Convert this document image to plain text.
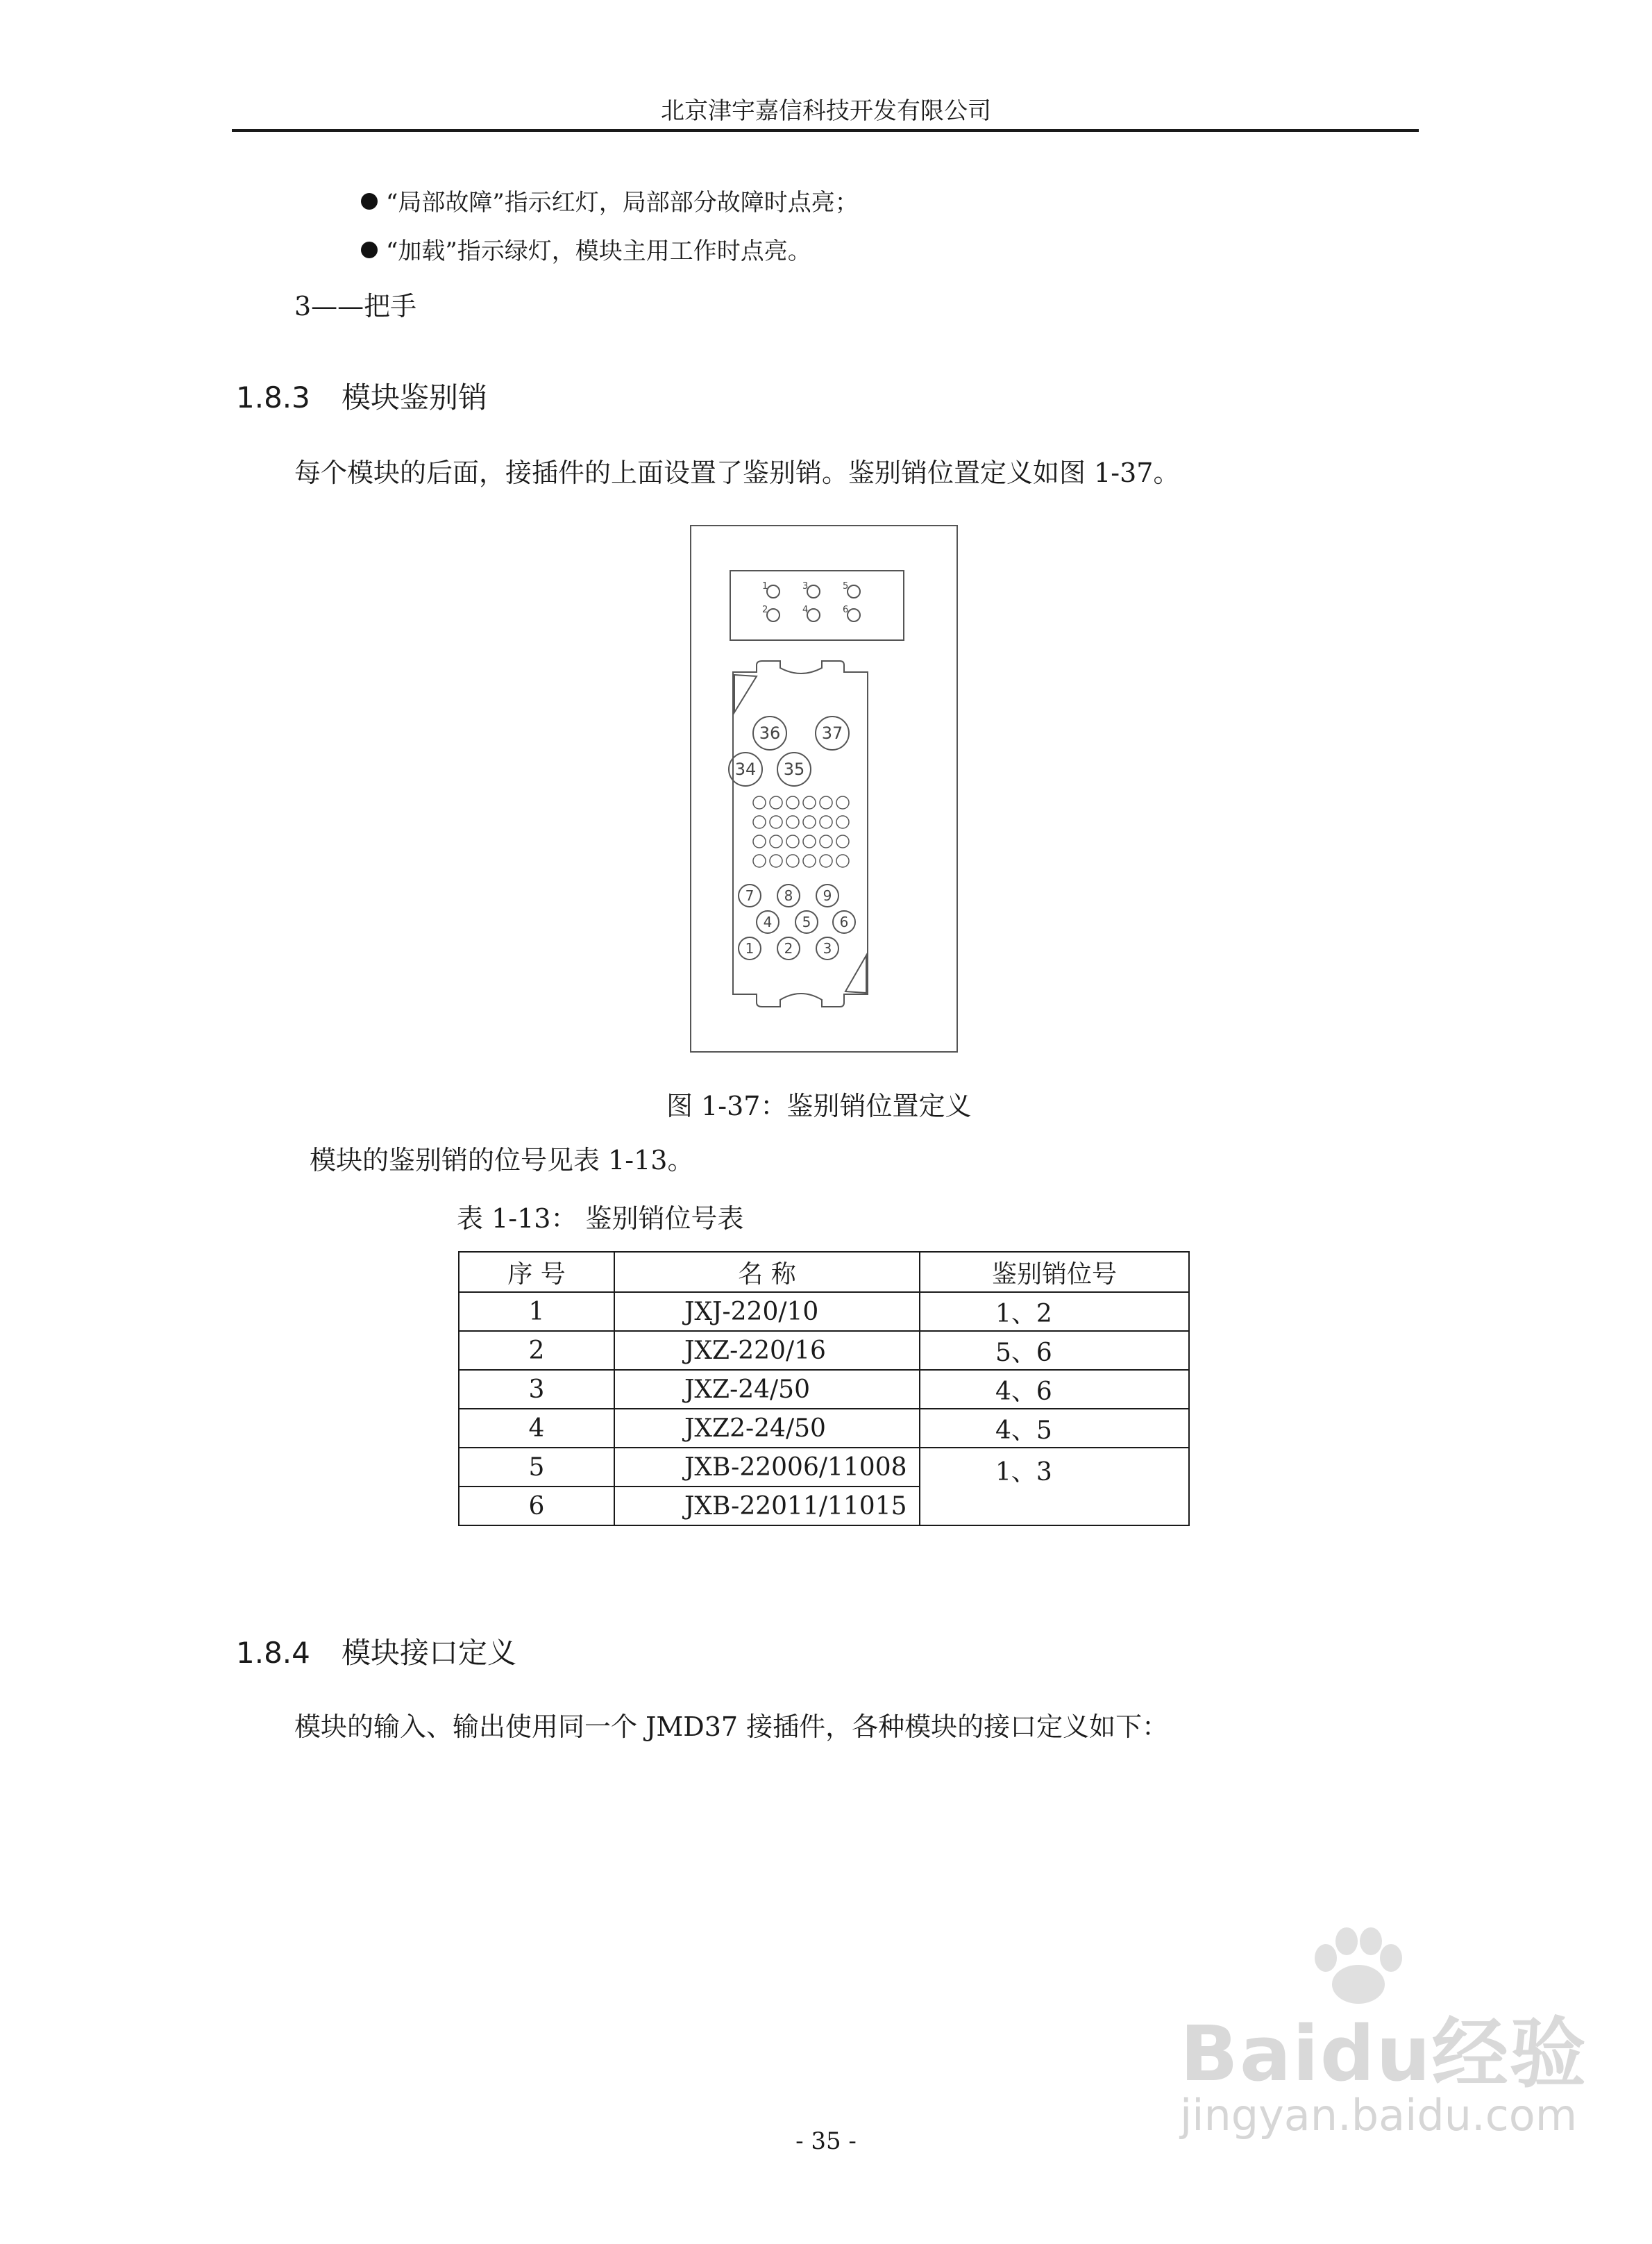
北京津宇嘉信科技开发有限公司
“局部故障”指示红灯，局部部分故障时点亮；
“加载”指示绿灯，模块主用工作时点亮。
3——把手
1.8.3 模块鉴别销
每个模块的后面，接插件的上面设置了鉴别销。鉴别销位置定义如图 1-37。
1	3	5
2	4	6
36 37
34 35
7 8 9
4 5 6
1 2 3
图 1-37：鉴别销位置定义
模块的鉴别销的位号见表 1-13。
表 1-13： 鉴别销位号表
序 号	名 称	鉴别销位号
1	JXJ-220/10	1、2
2	JXZ-220/16	5、6
3	JXZ-24/50	4、6
4	JXZ2-24/50	4、5
5	JXB-22006/11008	1、3
6	JXB-22011/11015	
1.8.4 模块接口定义
模块的输入、输出使用同一个 JMD37 接插件，各种模块的接口定义如下：
Baidu经验
jingyan.baidu.com
- 35 -
